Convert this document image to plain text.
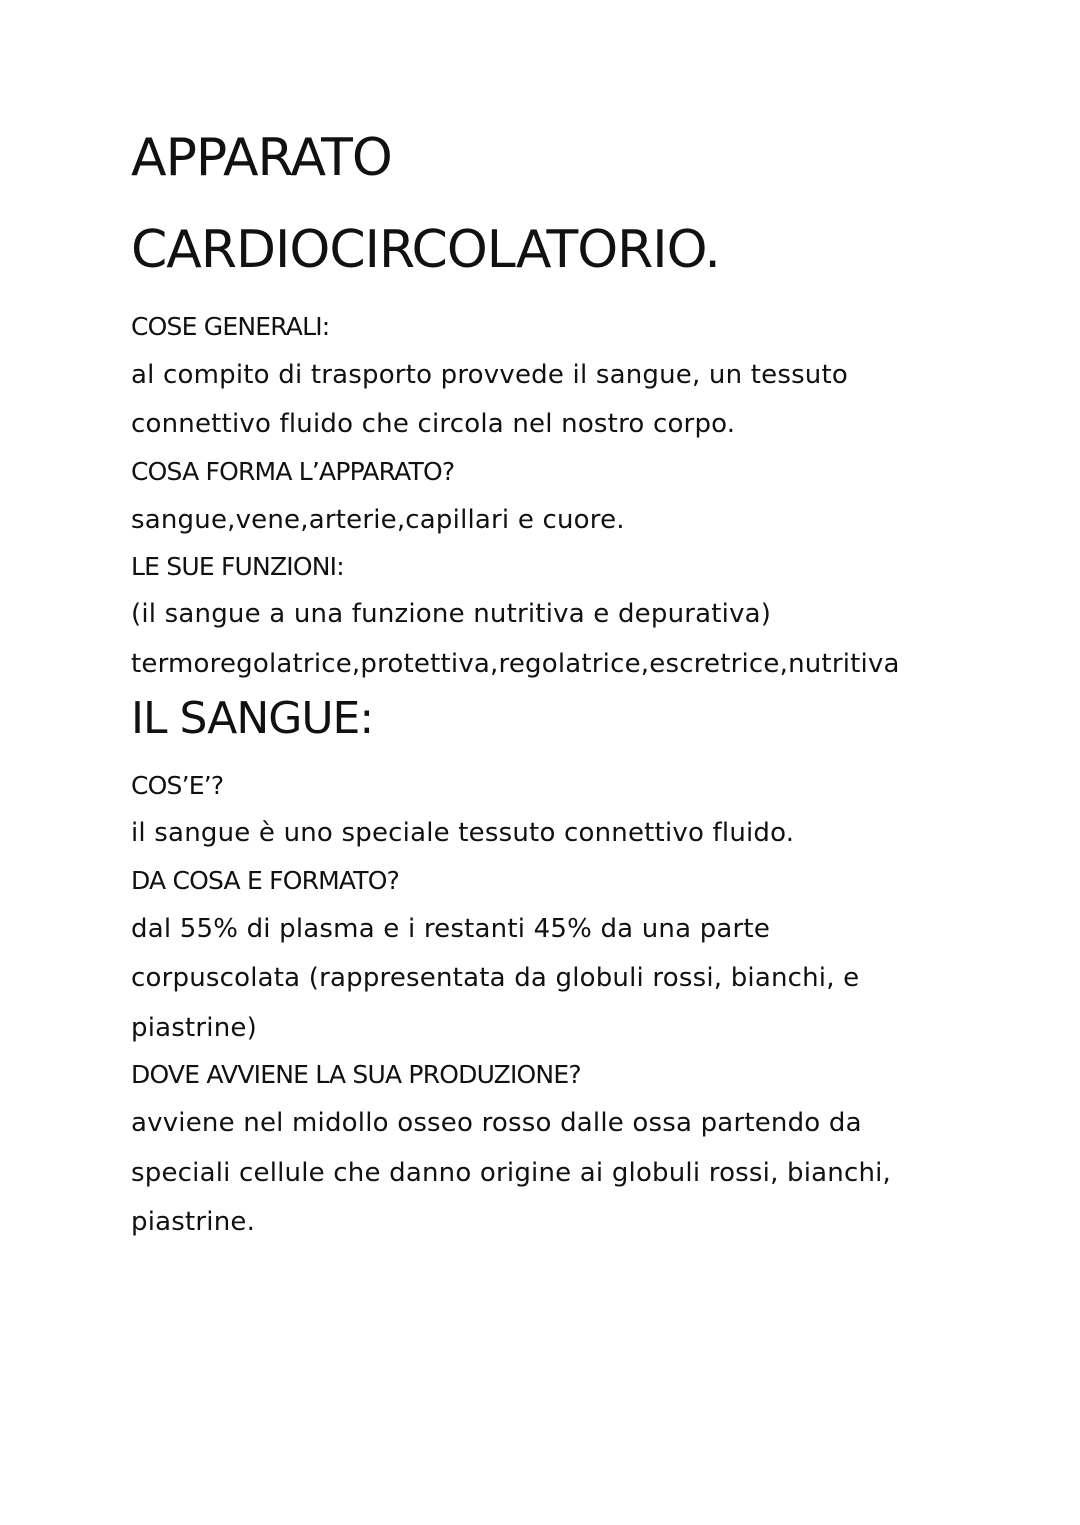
APPARATO
CARDIOCIRCOLATORIO.
COSE GENERALI:
al compito di trasporto provvede il sangue, un tessuto
connettivo fluido che circola nel nostro corpo.
COSA FORMA L’APPARATO?
sangue,vene,arterie,capillari e cuore.
LE SUE FUNZIONI:
(il sangue a una funzione nutritiva e depurativa)
termoregolatrice,protettiva,regolatrice,escretrice,nutritiva
IL SANGUE:
COS’E’?
il sangue è uno speciale tessuto connettivo fluido.
DA COSA E FORMATO?
dal 55% di plasma e i restanti 45% da una parte
corpuscolata (rappresentata da globuli rossi, bianchi, e
piastrine)
DOVE AVVIENE LA SUA PRODUZIONE?
avviene nel midollo osseo rosso dalle ossa partendo da
speciali cellule che danno origine ai globuli rossi, bianchi,
piastrine.
